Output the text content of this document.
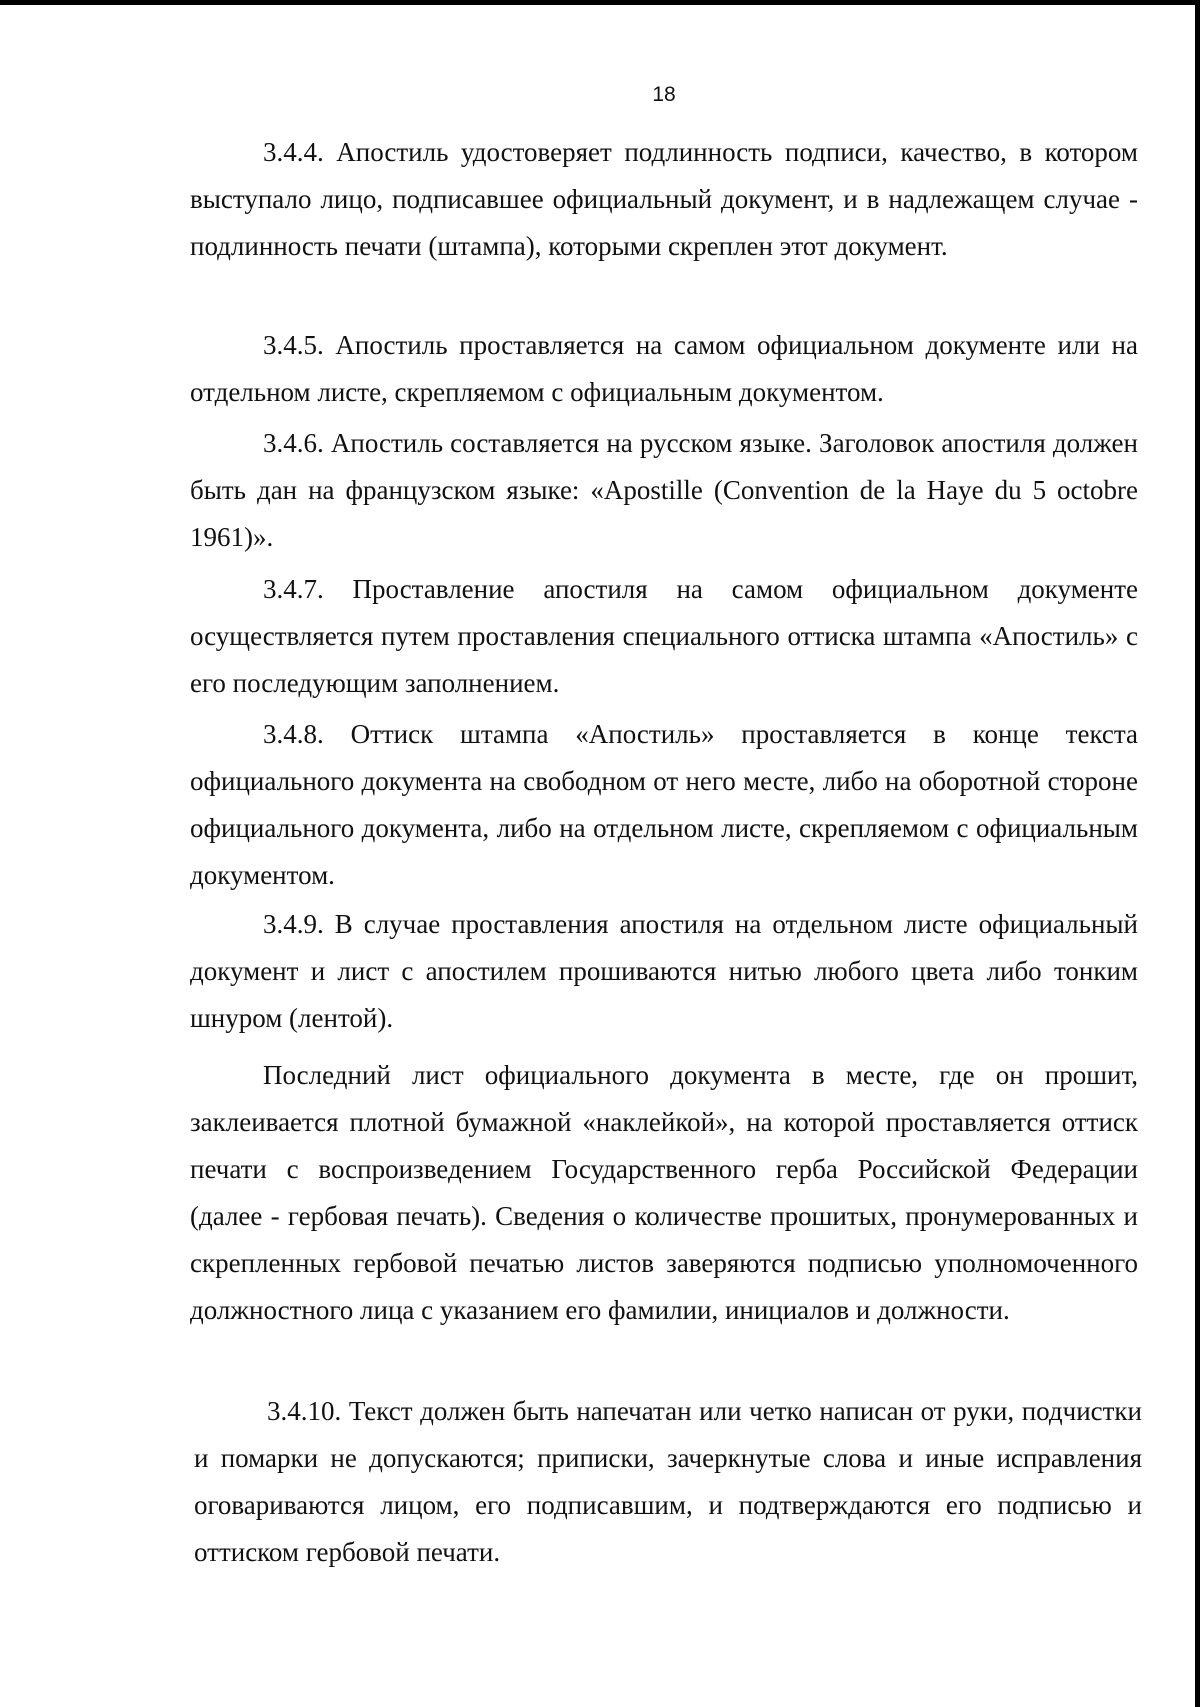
18

3.4.4. Апостиль удостоверяет подлинность подписи, качество, в котором выступало лицо, подписавшее официальный документ, и в надлежащем случае - подлинность печати (штампа), которыми скреплен этот документ.

3.4.5. Апостиль проставляется на самом официальном документе или на отдельном листе, скрепляемом с официальным документом.

3.4.6. Апостиль составляется на русском языке. Заголовок апостиля должен быть дан на французском языке: «Apostille (Convention de la Haye du 5 octobre 1961)».

3.4.7. Проставление апостиля на самом официальном документе осуществляется путем проставления специального оттиска штампа «Апостиль» с его последующим заполнением.

3.4.8. Оттиск штампа «Апостиль» проставляется в конце текста официального документа на свободном от него месте, либо на оборотной стороне официального документа, либо на отдельном листе, скрепляемом с официальным документом.

3.4.9. В случае проставления апостиля на отдельном листе официальный документ и лист с апостилем прошиваются нитью любого цвета либо тонким шнуром (лентой).

Последний лист официального документа в месте, где он прошит, заклеивается плотной бумажной «наклейкой», на которой проставляется оттиск печати с воспроизведением Государственного герба Российской Федерации (далее - гербовая печать). Сведения о количестве прошитых, пронумерованных и скрепленных гербовой печатью листов заверяются подписью уполномоченного должностного лица с указанием его фамилии, инициалов и должности.

3.4.10. Текст должен быть напечатан или четко написан от руки, подчистки и помарки не допускаются; приписки, зачеркнутые слова и иные исправления оговариваются лицом, его подписавшим, и подтверждаются его подписью и оттиском гербовой печати.
